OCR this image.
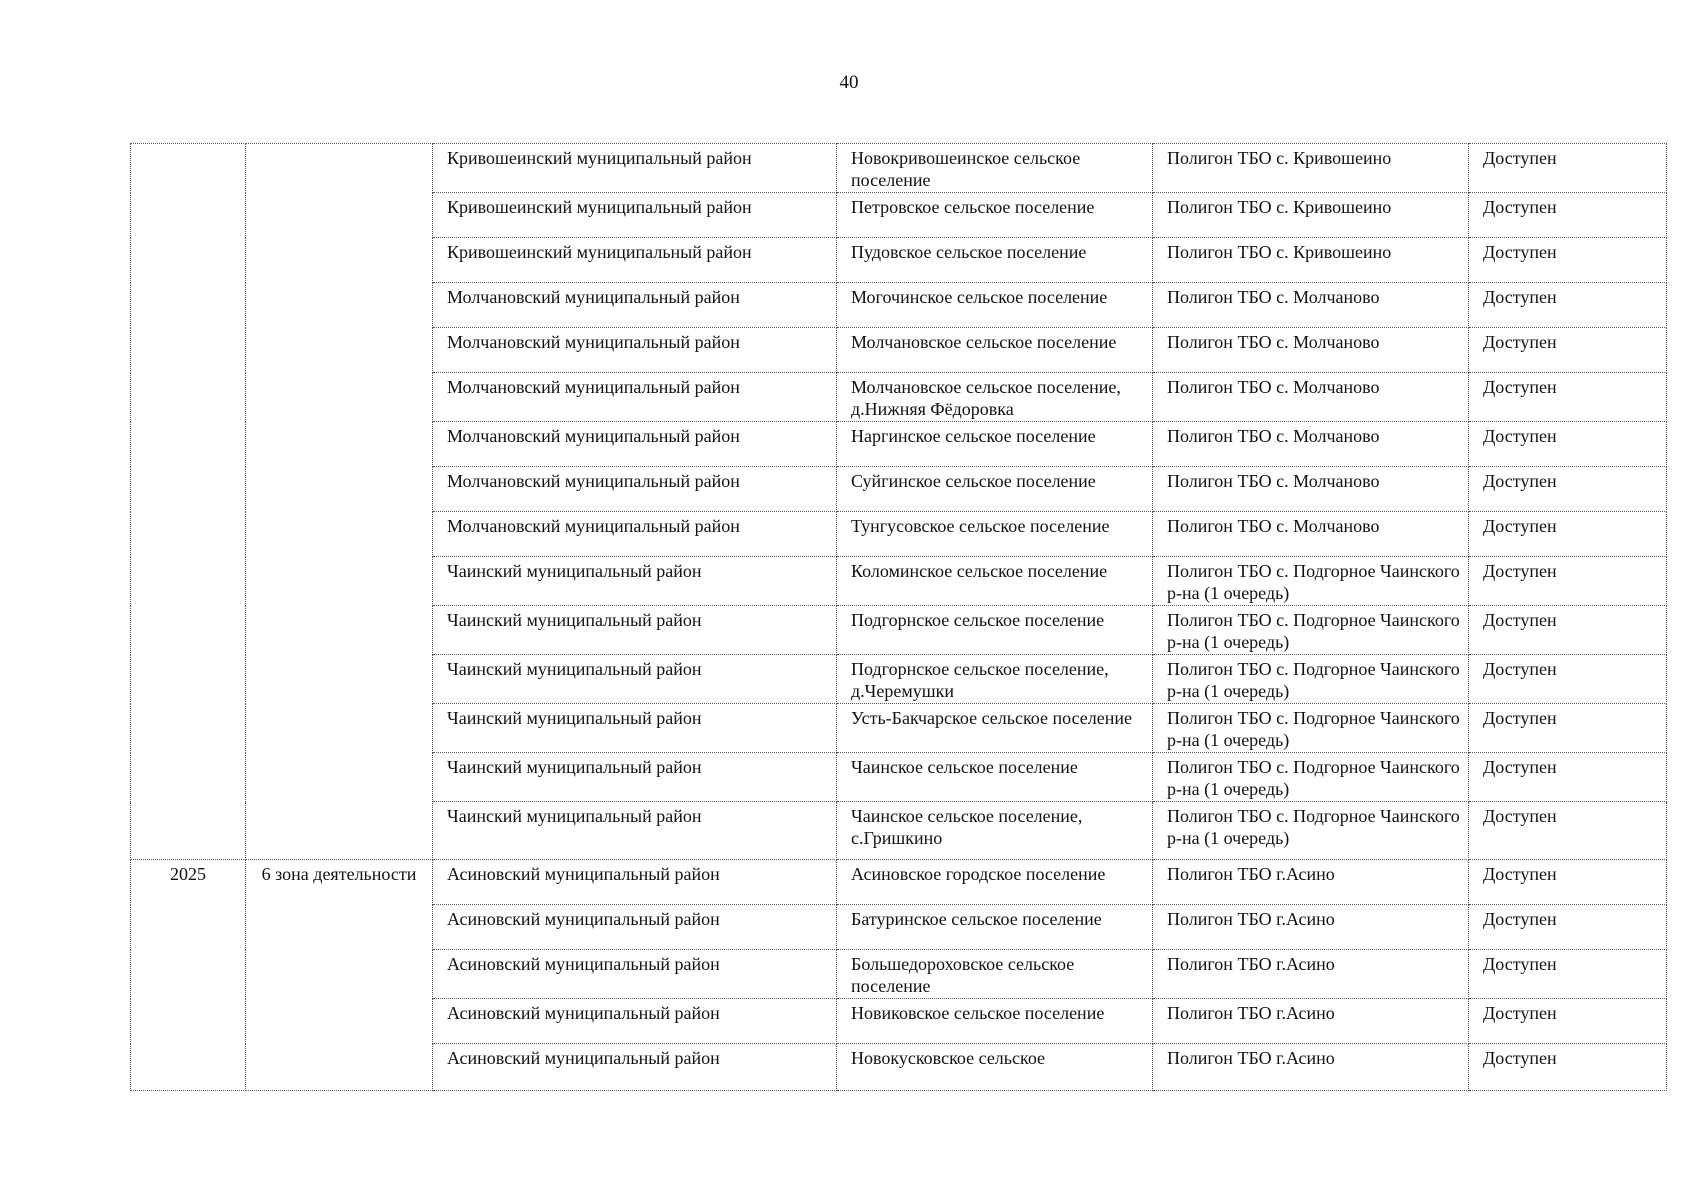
40
		Кривошеинский муниципальный район	Новокривошеинское сельское поселение	Полигон ТБО с. Кривошеино	Доступен
		Кривошеинский муниципальный район	Петровское сельское поселение	Полигон ТБО с. Кривошеино	Доступен
		Кривошеинский муниципальный район	Пудовское сельское поселение	Полигон ТБО с. Кривошеино	Доступен
		Молчановский муниципальный район	Могочинское сельское поселение	Полигон ТБО с. Молчаново	Доступен
		Молчановский муниципальный район	Молчановское сельское поселение	Полигон ТБО с. Молчаново	Доступен
		Молчановский муниципальный район	Молчановское сельское поселение, д.Нижняя Фёдоровка	Полигон ТБО с. Молчаново	Доступен
		Молчановский муниципальный район	Наргинское сельское поселение	Полигон ТБО с. Молчаново	Доступен
		Молчановский муниципальный район	Суйгинское сельское поселение	Полигон ТБО с. Молчаново	Доступен
		Молчановский муниципальный район	Тунгусовское сельское поселение	Полигон ТБО с. Молчаново	Доступен
		Чаинский муниципальный район	Коломинское сельское поселение	Полигон ТБО с. Подгорное Чаинского р-на (1 очередь)	Доступен
		Чаинский муниципальный район	Подгорнское сельское поселение	Полигон ТБО с. Подгорное Чаинского р-на (1 очередь)	Доступен
		Чаинский муниципальный район	Подгорнское сельское поселение, д.Черемушки	Полигон ТБО с. Подгорное Чаинского р-на (1 очередь)	Доступен
		Чаинский муниципальный район	Усть-Бакчарское сельское поселение	Полигон ТБО с. Подгорное Чаинского р-на (1 очередь)	Доступен
		Чаинский муниципальный район	Чаинское сельское поселение	Полигон ТБО с. Подгорное Чаинского р-на (1 очередь)	Доступен
		Чаинский муниципальный район	Чаинское сельское поселение, с.Гришкино	Полигон ТБО с. Подгорное Чаинского р-на (1 очередь)	Доступен
2025	6 зона деятельности	Асиновский муниципальный район	Асиновское городское поселение	Полигон ТБО г.Асино	Доступен
		Асиновский муниципальный район	Батуринское сельское поселение	Полигон ТБО г.Асино	Доступен
		Асиновский муниципальный район	Большедороховское сельское поселение	Полигон ТБО г.Асино	Доступен
		Асиновский муниципальный район	Новиковское сельское поселение	Полигон ТБО г.Асино	Доступен
		Асиновский муниципальный район	Новокусковское сельское	Полигон ТБО г.Асино	Доступен
